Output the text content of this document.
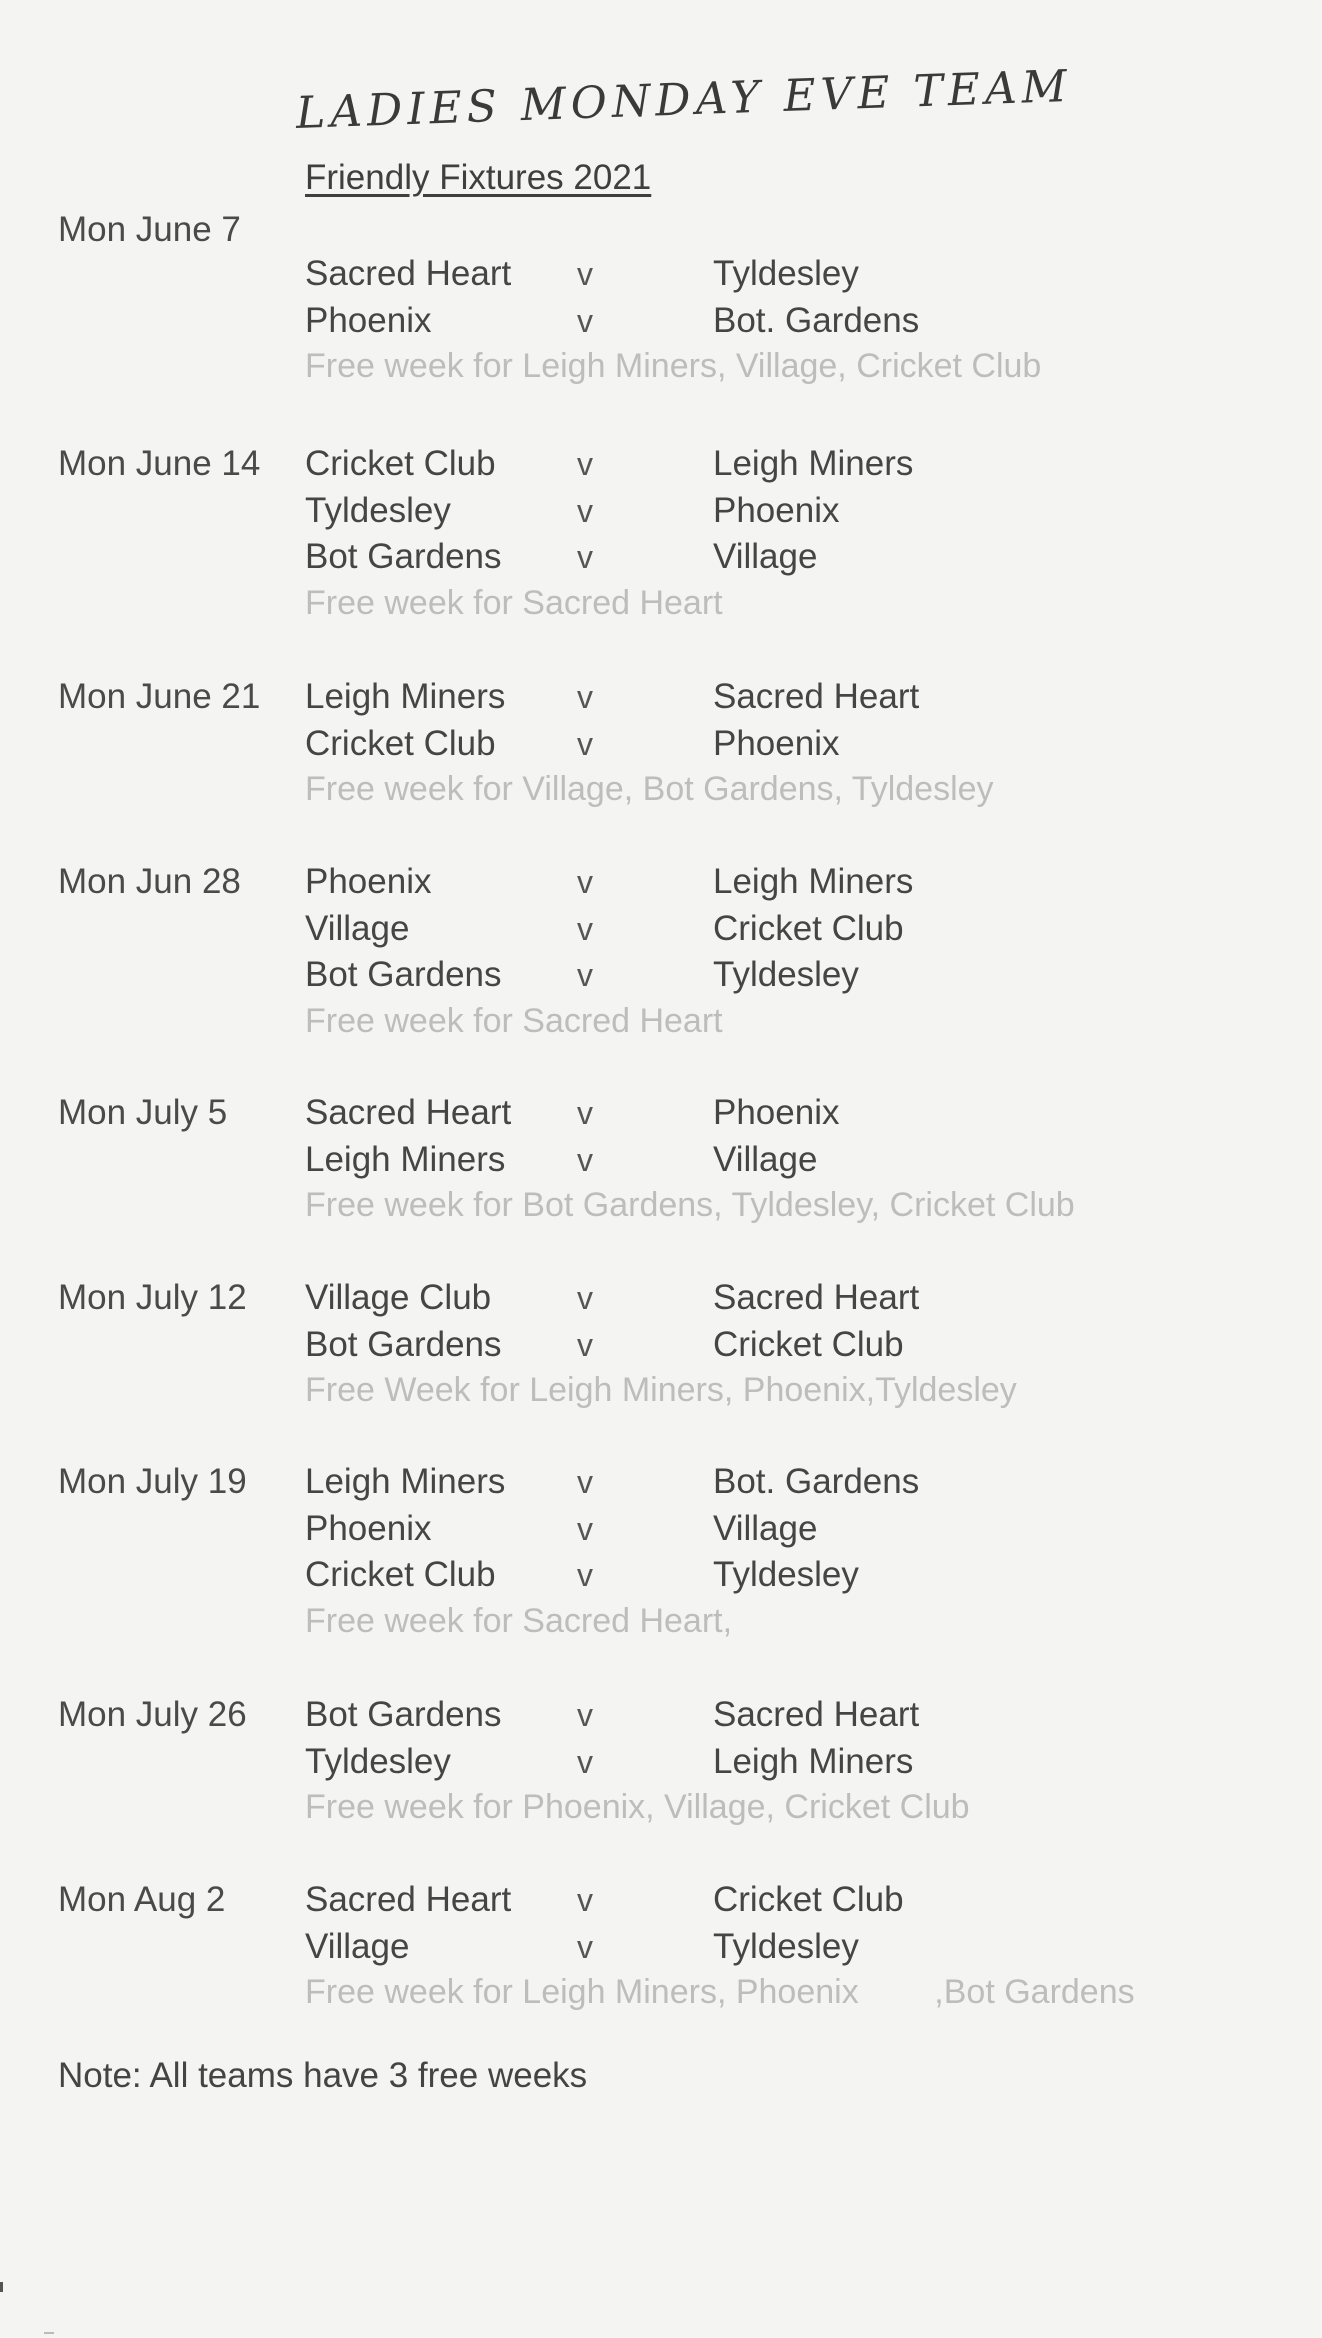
LADIES MONDAY EVE TEAM
Friendly Fixtures 2021
Mon June 7
Sacred Heart v	Tyldesley
Phoenix	v	Bot. Gardens
Free week for Leigh Miners, Village, Cricket Club
Mon June 14 Cricket Club	v	Leigh Miners
Tyldesley	v	Phoenix
Bot Gardens v	Village
Free week for Sacred Heart
Mon June 21 Leigh Miners v	Sacred Heart
Cricket Club	v	Phoenix
Free week for Village, Bot Gardens, Tyldesley
Mon Jun 28 Phoenix	v	Leigh Miners
Village	v	Cricket Club
Bot Gardens v	Tyldesley
Free week for Sacred Heart
Mon July 5 Sacred Heart v	Phoenix
Leigh Miners v	Village
Free week for Bot Gardens, Tyldesley, Cricket Club
Mon July 12 Village Club	v	Sacred Heart
Bot Gardens v	Cricket Club
Free Week for Leigh Miners, Phoenix,Tyldesley
Mon July 19 Leigh Miners v	Bot. Gardens
Phoenix	v	Village
Cricket Club	v	Tyldesley
Free week for Sacred Heart,
Mon July 26 Bot Gardens v	Sacred Heart
Tyldesley	v	Leigh Miners
Free week for Phoenix, Village, Cricket Club
Mon Aug 2 Sacred Heart v	Cricket Club
Village	v	Tyldesley
Free week for Leigh Miners, Phoenix        ,Bot Gardens
Note: All teams have 3 free weeks
